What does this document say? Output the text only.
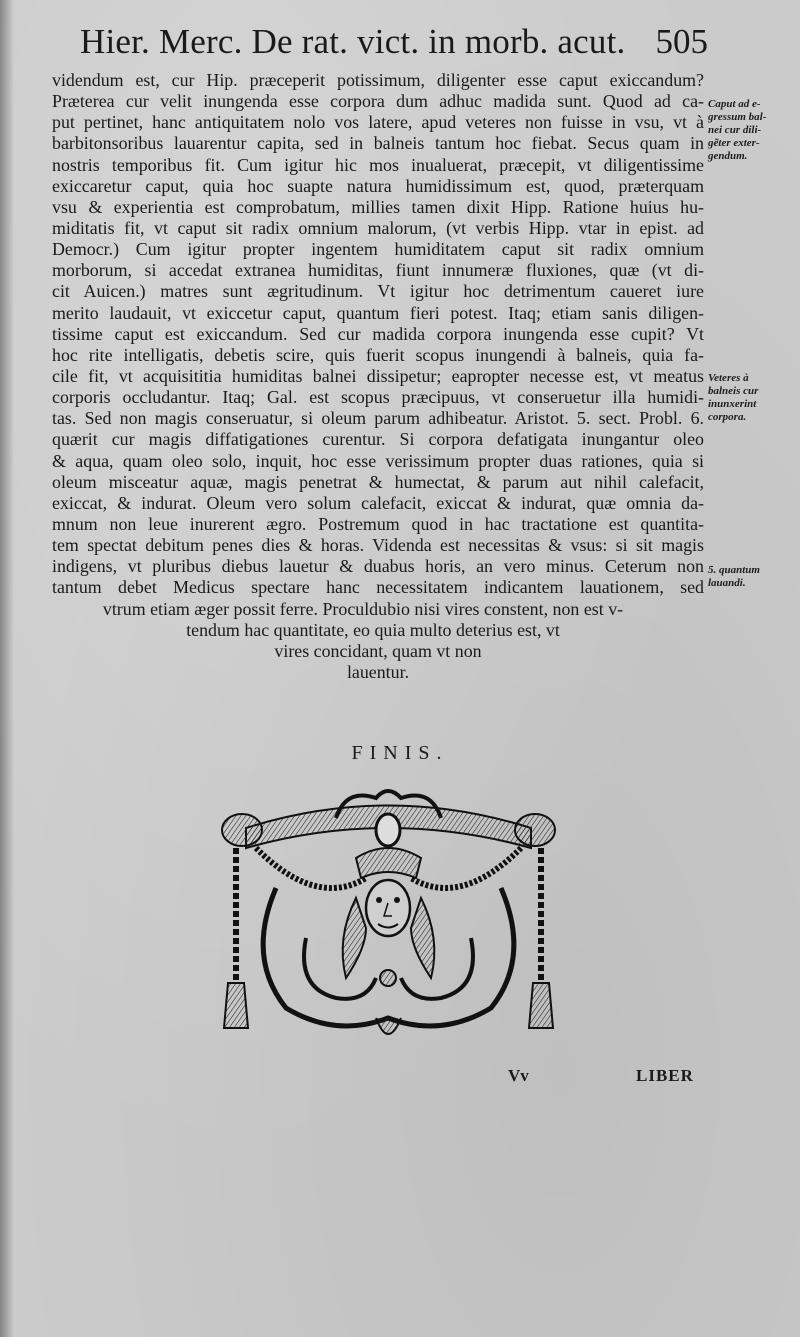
Hier. Merc. De rat. vict. in morb. acut. 505
videndum est, cur Hip. præceperit potissimum, diligenter esse caput exiccandum?
Præterea cur velit inungenda esse corpora dum adhuc madida sunt. Quod ad ca-
put pertinet, hanc antiquitatem nolo vos latere, apud veteres non fuisse in vsu, vt à
barbitonsoribus lauarentur capita, sed in balneis tantum hoc fiebat. Secus quam in
nostris temporibus fit. Cum igitur hic mos inualuerat, præcepit, vt diligentissime
exiccaretur caput, quia hoc suapte natura humidissimum est, quod, præterquam
vsu & experientia est comprobatum, millies tamen dixit Hipp. Ratione huius hu-
miditatis fit, vt caput sit radix omnium malorum, (vt verbis Hipp. vtar in epist. ad
Democr.) Cum igitur propter ingentem humiditatem caput sit radix omnium
morborum, si accedat extranea humiditas, fiunt innumeræ fluxiones, quæ (vt di-
cit Auicen.) matres sunt ægritudinum. Vt igitur hoc detrimentum caueret iure
merito laudauit, vt exiccetur caput, quantum fieri potest. Itaq; etiam sanis diligen-
tissime caput est exiccandum. Sed cur madida corpora inungenda esse cupit? Vt
hoc rite intelligatis, debetis scire, quis fuerit scopus inungendi à balneis, quia fa-
cile fit, vt acquisititia humiditas balnei dissipetur; eapropter necesse est, vt meatus
corporis occludantur. Itaq; Gal. est scopus præcipuus, vt conseruetur illa humidi-
tas. Sed non magis conseruatur, si oleum parum adhibeatur. Aristot. 5. sect. Probl. 6.
quærit cur magis diffatigationes curentur. Si corpora defatigata inungantur oleo
& aqua, quam oleo solo, inquit, hoc esse verissimum propter duas rationes, quia si
oleum misceatur aquæ, magis penetrat & humectat, & parum aut nihil calefacit,
exiccat, & indurat. Oleum vero solum calefacit, exiccat & indurat, quæ omnia da-
mnum non leue inurerent ægro. Postremum quod in hac tractatione est quantita-
tem spectat debitum penes dies & horas. Videnda est necessitas & vsus: si sit magis
indigens, vt pluribus diebus lauetur & duabus horis, an vero minus. Ceterum non
tantum debet Medicus spectare hanc necessitatem indicantem lauationem, sed
vtrum etiam æger possit ferre. Proculdubio nisi vires constent, non est v-
tendum hac quantitate, eo quia multo deterius est, vt
vires concidant, quam vt non
lauentur.
Caput ad e-
gressum bal-
nei cur dili-
gẽter exter-
gendum.
Veteres à
balneis cur
inunxerint
corpora.
5. quantum
lauandi.
FINIS.
Vv	LIBER
